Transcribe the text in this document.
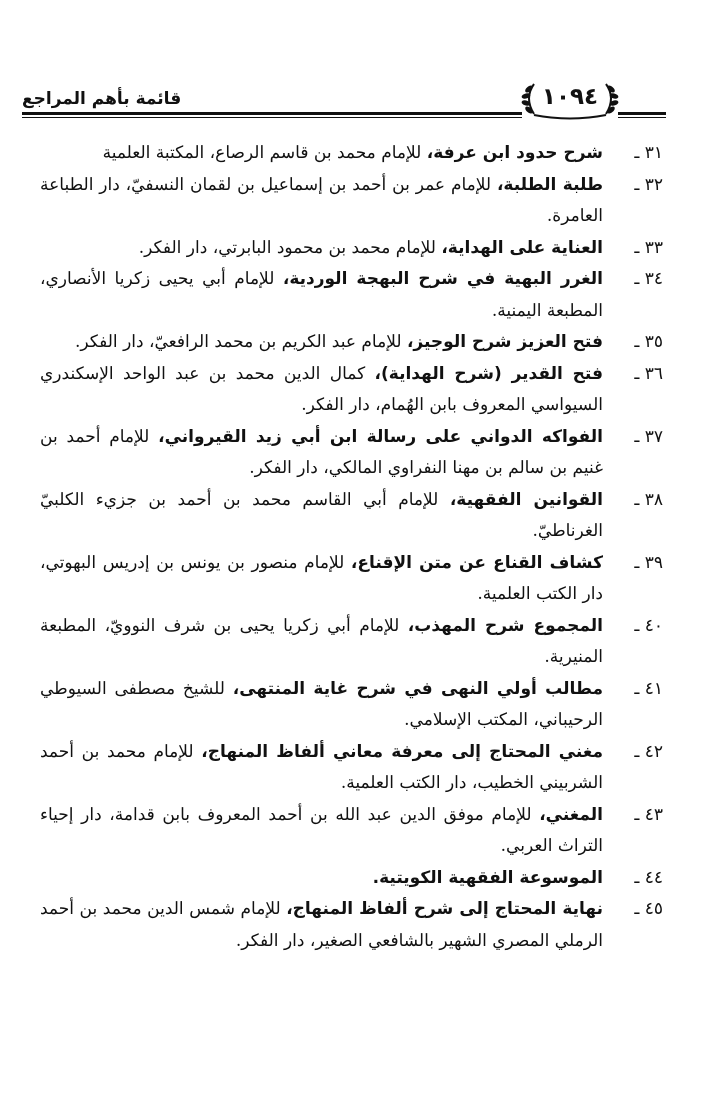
قائمة بأهم المراجع	١٠٩٤

٣١ ـ
شرح حدود ابن عرفة، للإمام محمد بن قاسم الرصاع، المكتبة العلمية

٣٢ ـ
طلبة الطلبة، للإمام عمر بن أحمد بن إسماعيل بن لقمان النسفيّ، دار الطباعة العامرة.

٣٣ ـ
العناية على الهداية، للإمام محمد بن محمود البابرتي، دار الفكر.

٣٤ ـ
الغرر البهية في شرح البهجة الوردية، للإمام أبي يحيى زكريا الأنصاري، المطبعة اليمنية.

٣٥ ـ
فتح العزيز شرح الوجيز، للإمام عبد الكريم بن محمد الرافعيّ، دار الفكر.

٣٦ ـ
فتح القدير (شرح الهداية)، كمال الدين محمد بن عبد الواحد الإسكندري السيواسي المعروف بابن الهُمام، دار الفكر.

٣٧ ـ
الفواكه الدواني على رسالة ابن أبي زيد القيرواني، للإمام أحمد بن غنيم بن سالم بن مهنا النفراوي المالكي، دار الفكر.

٣٨ ـ
القوانين الفقهية، للإمام أبي القاسم محمد بن أحمد بن جزيء الكلبيّ الغرناطيّ.

٣٩ ـ
كشاف القناع عن متن الإقناع، للإمام منصور بن يونس بن إدريس البهوتي، دار الكتب العلمية.

٤٠ ـ
المجموع شرح المهذب، للإمام أبي زكريا يحيى بن شرف النوويّ، المطبعة المنيرية.

٤١ ـ
مطالب أولي النهى في شرح غاية المنتهى، للشيخ مصطفى السيوطي الرحيباني، المكتب الإسلامي.

٤٢ ـ
مغني المحتاج إلى معرفة معاني ألفاظ المنهاج، للإمام محمد بن أحمد الشربيني الخطيب، دار الكتب العلمية.

٤٣ ـ
المغني، للإمام موفق الدين عبد الله بن أحمد المعروف بابن قدامة، دار إحياء التراث العربي.

٤٤ ـ
الموسوعة الفقهية الكويتية.

٤٥ ـ
نهاية المحتاج إلى شرح ألفاظ المنهاج، للإمام شمس الدين محمد بن أحمد الرملي المصري الشهير بالشافعي الصغير، دار الفكر.
